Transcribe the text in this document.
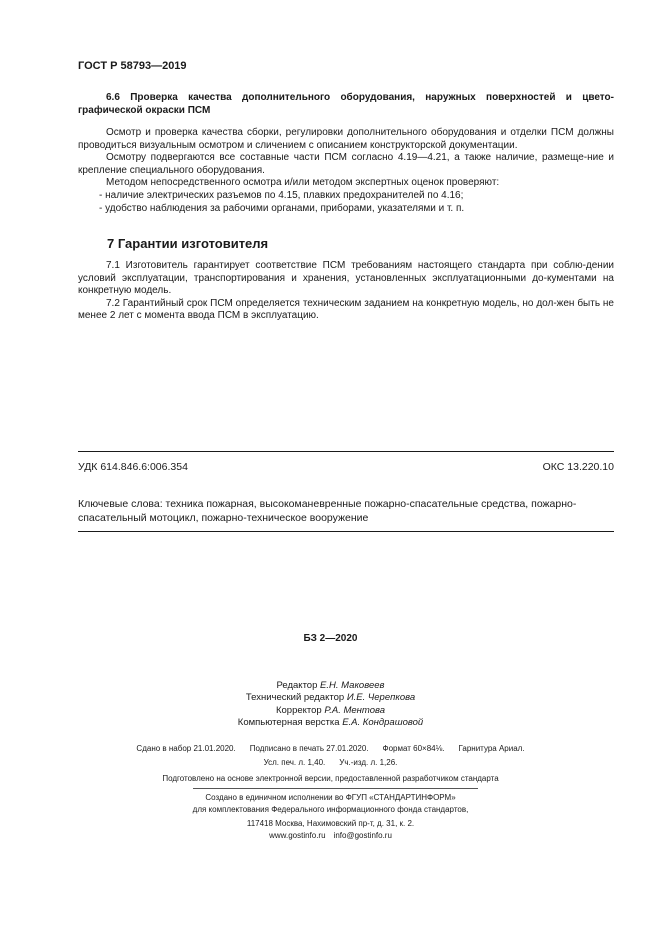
ГОСТ Р 58793—2019

6.6 Проверка качества дополнительного оборудования, наружных поверхностей и цвето-графической окраски ПСМ

Осмотр и проверка качества сборки, регулировки дополнительного оборудования и отделки ПСМ должны проводиться визуальным осмотром и сличением с описанием конструкторской документации.

Осмотру подвергаются все составные части ПСМ согласно 4.19—4.21, а также наличие, размеще-ние и крепление специального оборудования.

Методом непосредственного осмотра и/или методом экспертных оценок проверяют:

- наличие электрических разъемов по 4.15, плавких предохранителей по 4.16;
- удобство наблюдения за рабочими органами, приборами, указателями и т. п.
7 Гарантии изготовителя

7.1 Изготовитель гарантирует соответствие ПСМ требованиям настоящего стандарта при соблю-дении условий эксплуатации, транспортирования и хранения, установленных эксплуатационными до-кументами на конкретную модель.

7.2 Гарантийный срок ПСМ определяется техническим заданием на конкретную модель, но дол-жен быть не менее 2 лет с момента ввода ПСМ в эксплуатацию.

УДК 614.846.6:006.354	ОКС 13.220.10
Ключевые слова: техника пожарная, высокоманевренные пожарно-спасательные средства, пожарно-спасательный мотоцикл, пожарно-техническое вооружение
БЗ 2—2020
Редактор Е.Н. Маковеев
Технический редактор И.Е. Черепкова
Корректор Р.А. Ментова
Компьютерная верстка Е.А. Кондрашовой
Сдано в набор 21.01.2020. Подписано в печать 27.01.2020. Формат 60×84⅛. Гарнитура Ариал.
Усл. печ. л. 1,40. Уч.-изд. л. 1,26.
Подготовлено на основе электронной версии, предоставленной разработчиком стандарта
Создано в единичном исполнении во ФГУП «СТАНДАРТИНФОРМ»
для комплектования Федерального информационного фонда стандартов,
117418 Москва, Нахимовский пр-т, д. 31, к. 2.
www.gostinfo.ru info@gostinfo.ru
